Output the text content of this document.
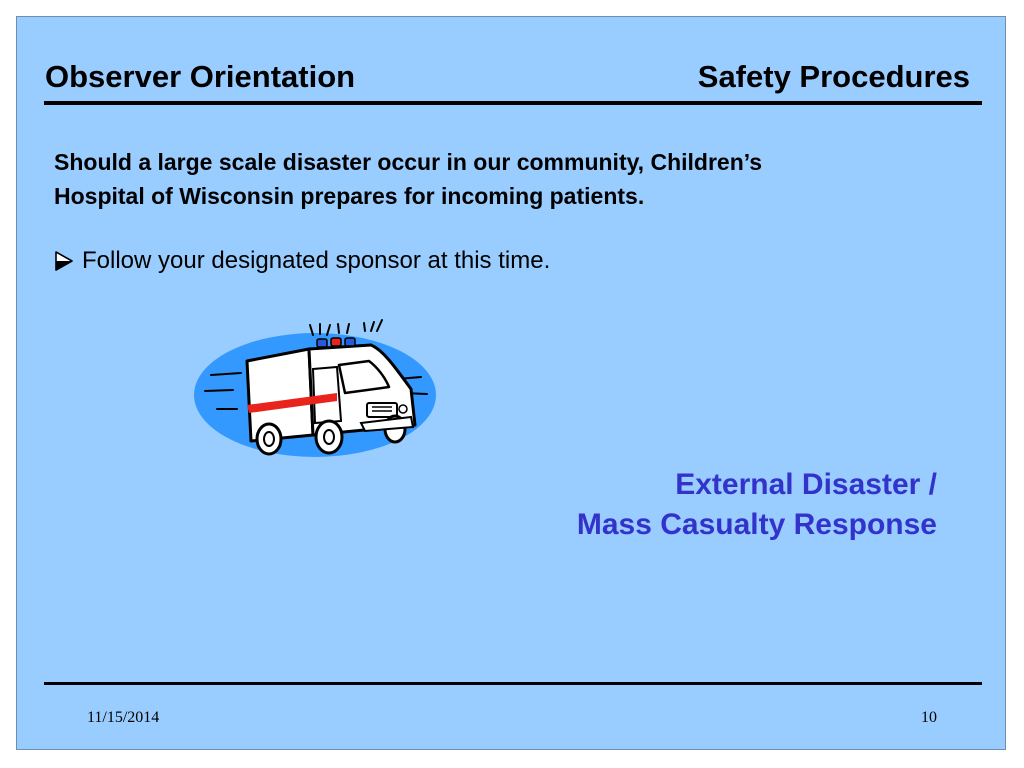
Observer Orientation	Safety Procedures
Should a large scale disaster occur in our community, Children’s
Hospital of Wisconsin prepares for incoming patients.
Follow your designated sponsor at this time.
External Disaster /
Mass Casualty Response
11/15/2014	10
